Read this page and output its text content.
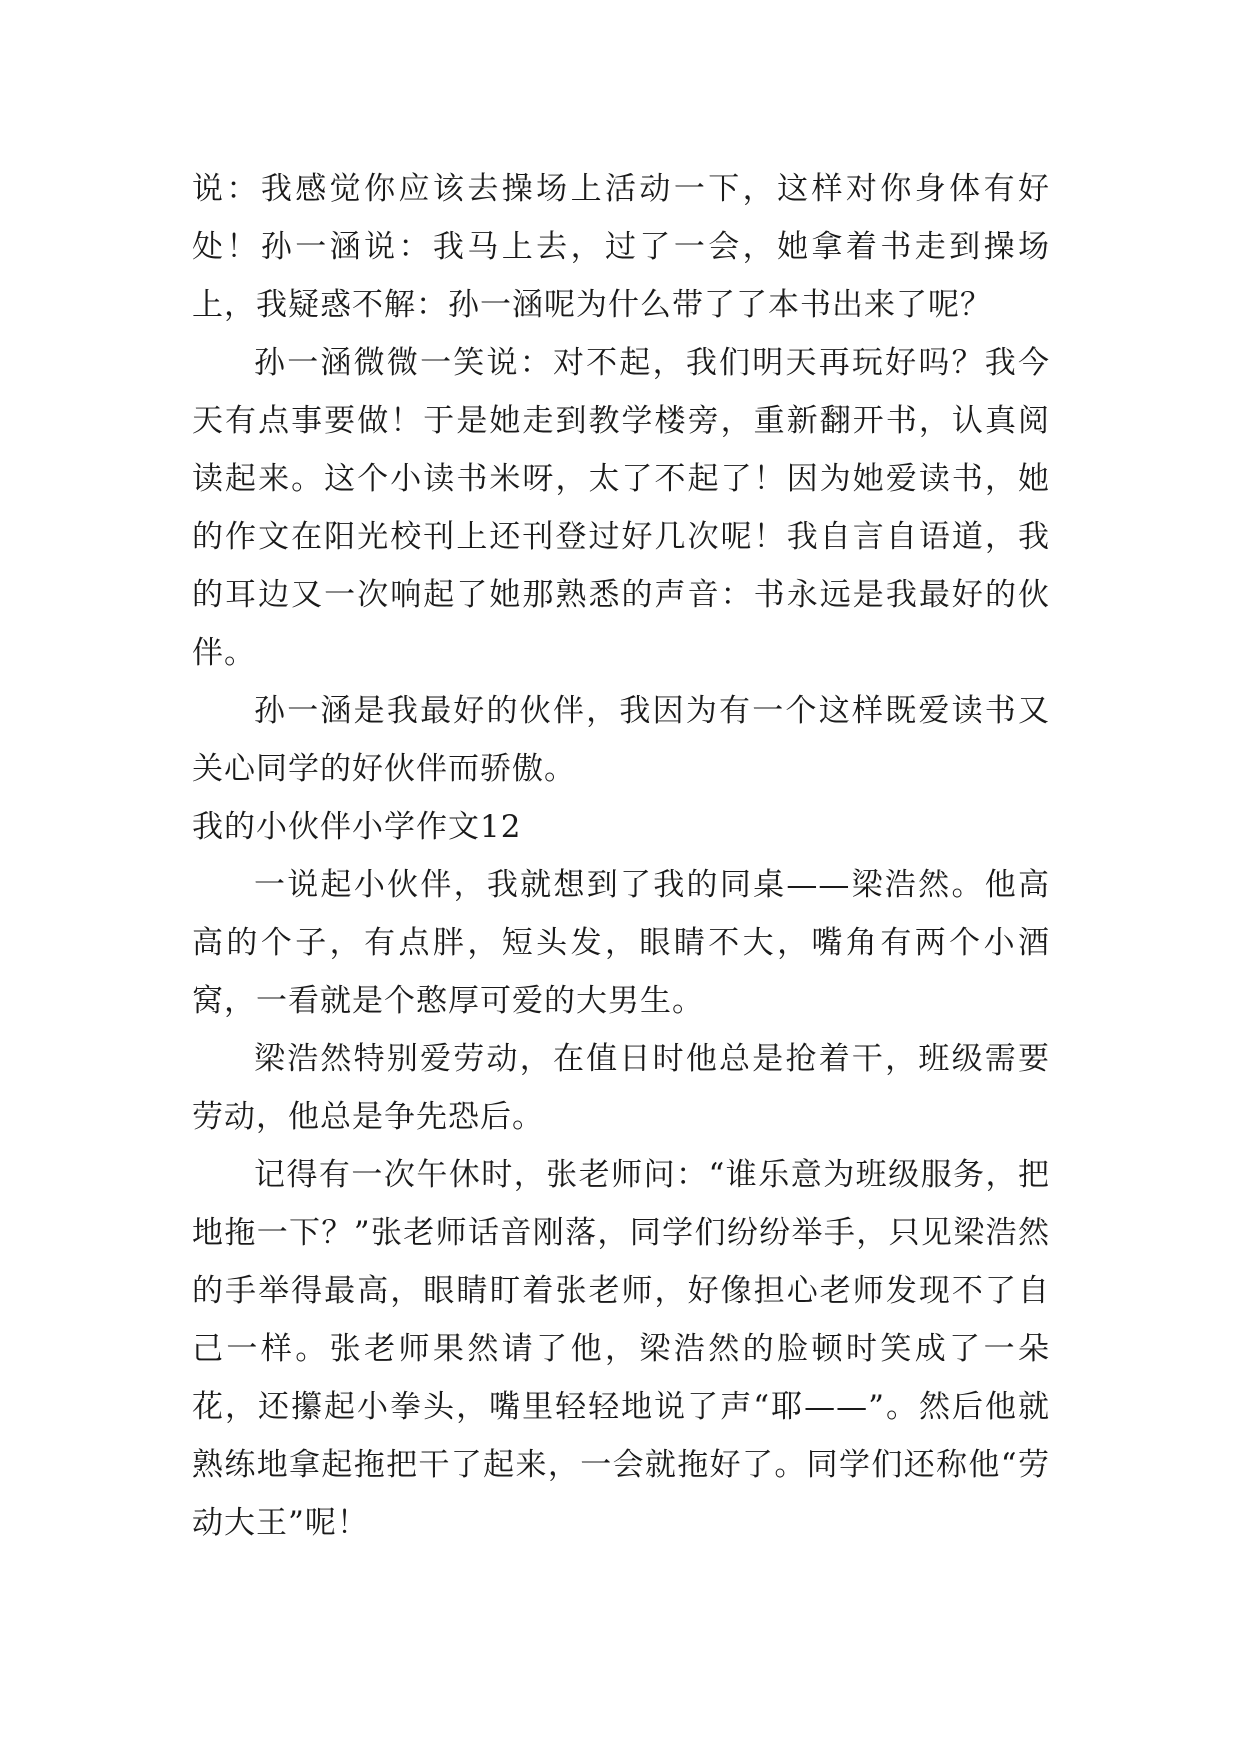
说：我感觉你应该去操场上活动一下，这样对你身体有好处！孙一涵说：我马上去，过了一会，她拿着书走到操场上，我疑惑不解：孙一涵呢为什么带了了本书出来了呢？

孙一涵微微一笑说：对不起，我们明天再玩好吗？我今天有点事要做！于是她走到教学楼旁，重新翻开书，认真阅读起来。这个小读书米呀，太了不起了！因为她爱读书，她的作文在阳光校刊上还刊登过好几次呢！我自言自语道，我的耳边又一次响起了她那熟悉的声音：书永远是我最好的伙伴。

孙一涵是我最好的伙伴，我因为有一个这样既爱读书又关心同学的好伙伴而骄傲。

我的小伙伴小学作文12

一说起小伙伴，我就想到了我的同桌——梁浩然。他高高的个子，有点胖，短头发，眼睛不大，嘴角有两个小酒窝，一看就是个憨厚可爱的大男生。

梁浩然特别爱劳动，在值日时他总是抢着干，班级需要劳动，他总是争先恐后。

记得有一次午休时，张老师问：“谁乐意为班级服务，把地拖一下？”张老师话音刚落，同学们纷纷举手，只见梁浩然的手举得最高，眼睛盯着张老师，好像担心老师发现不了自己一样。张老师果然请了他，梁浩然的脸顿时笑成了一朵花，还攥起小拳头，嘴里轻轻地说了声“耶——”。然后他就熟练地拿起拖把干了起来，一会就拖好了。同学们还称他“劳动大王”呢！
